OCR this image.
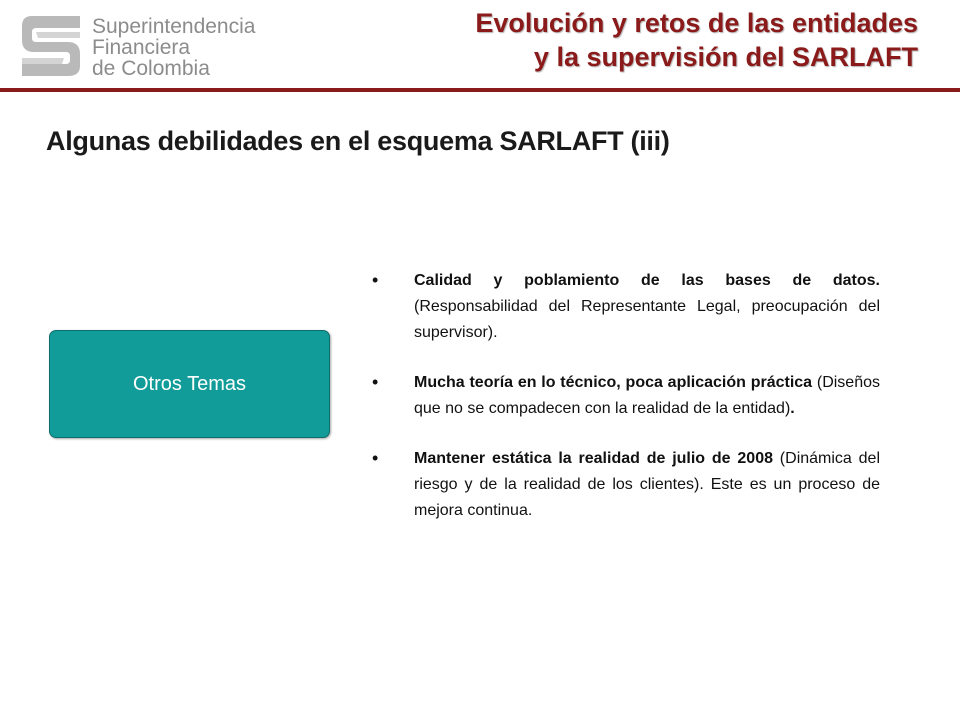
Superintendencia
Financiera
de Colombia
Evolución y retos de las entidades
y la supervisión del SARLAFT
Algunas debilidades en el esquema SARLAFT (iii)
Otros Temas
• Calidad y poblamiento de las bases de datos. (Responsabilidad del Representante Legal, preocupación del supervisor).
• Mucha teoría en lo técnico, poca aplicación práctica (Diseños que no se compadecen con la realidad de la entidad).
• Mantener estática la realidad de julio de 2008 (Dinámica del riesgo y de la realidad de los clientes). Este es un proceso de mejora continua.
